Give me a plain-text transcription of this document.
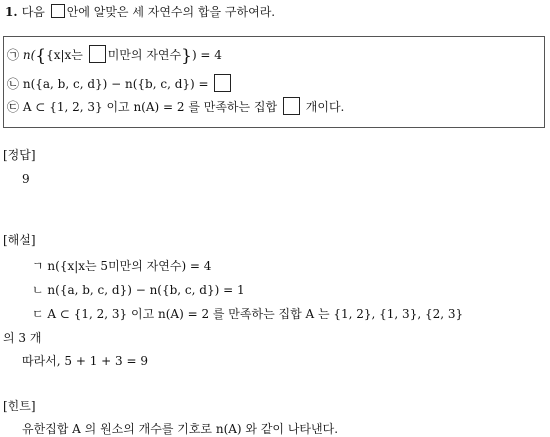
1. 다음 안에 알맞은 세 자연수의 합을 구하여라.
㉠ n({{x|x는 미만의 자연수}) = 4
㉡ n({a, b, c, d}) − n({b, c, d}) =
㉢ A ⊂ {1, 2, 3} 이고 n(A) = 2 를 만족하는 집합 개이다.
[정답]
9
[해설]
ㄱ n({x|x는 5미만의 자연수) = 4
ㄴ n({a, b, c, d}) − n({b, c, d}) = 1
ㄷ A ⊂ {1, 2, 3} 이고 n(A) = 2 를 만족하는 집합 A 는 {1, 2}, {1, 3}, {2, 3}
의 3 개
따라서, 5 + 1 + 3 = 9
[힌트]
유한집합 A 의 원소의 개수를 기호로 n(A) 와 같이 나타낸다.
